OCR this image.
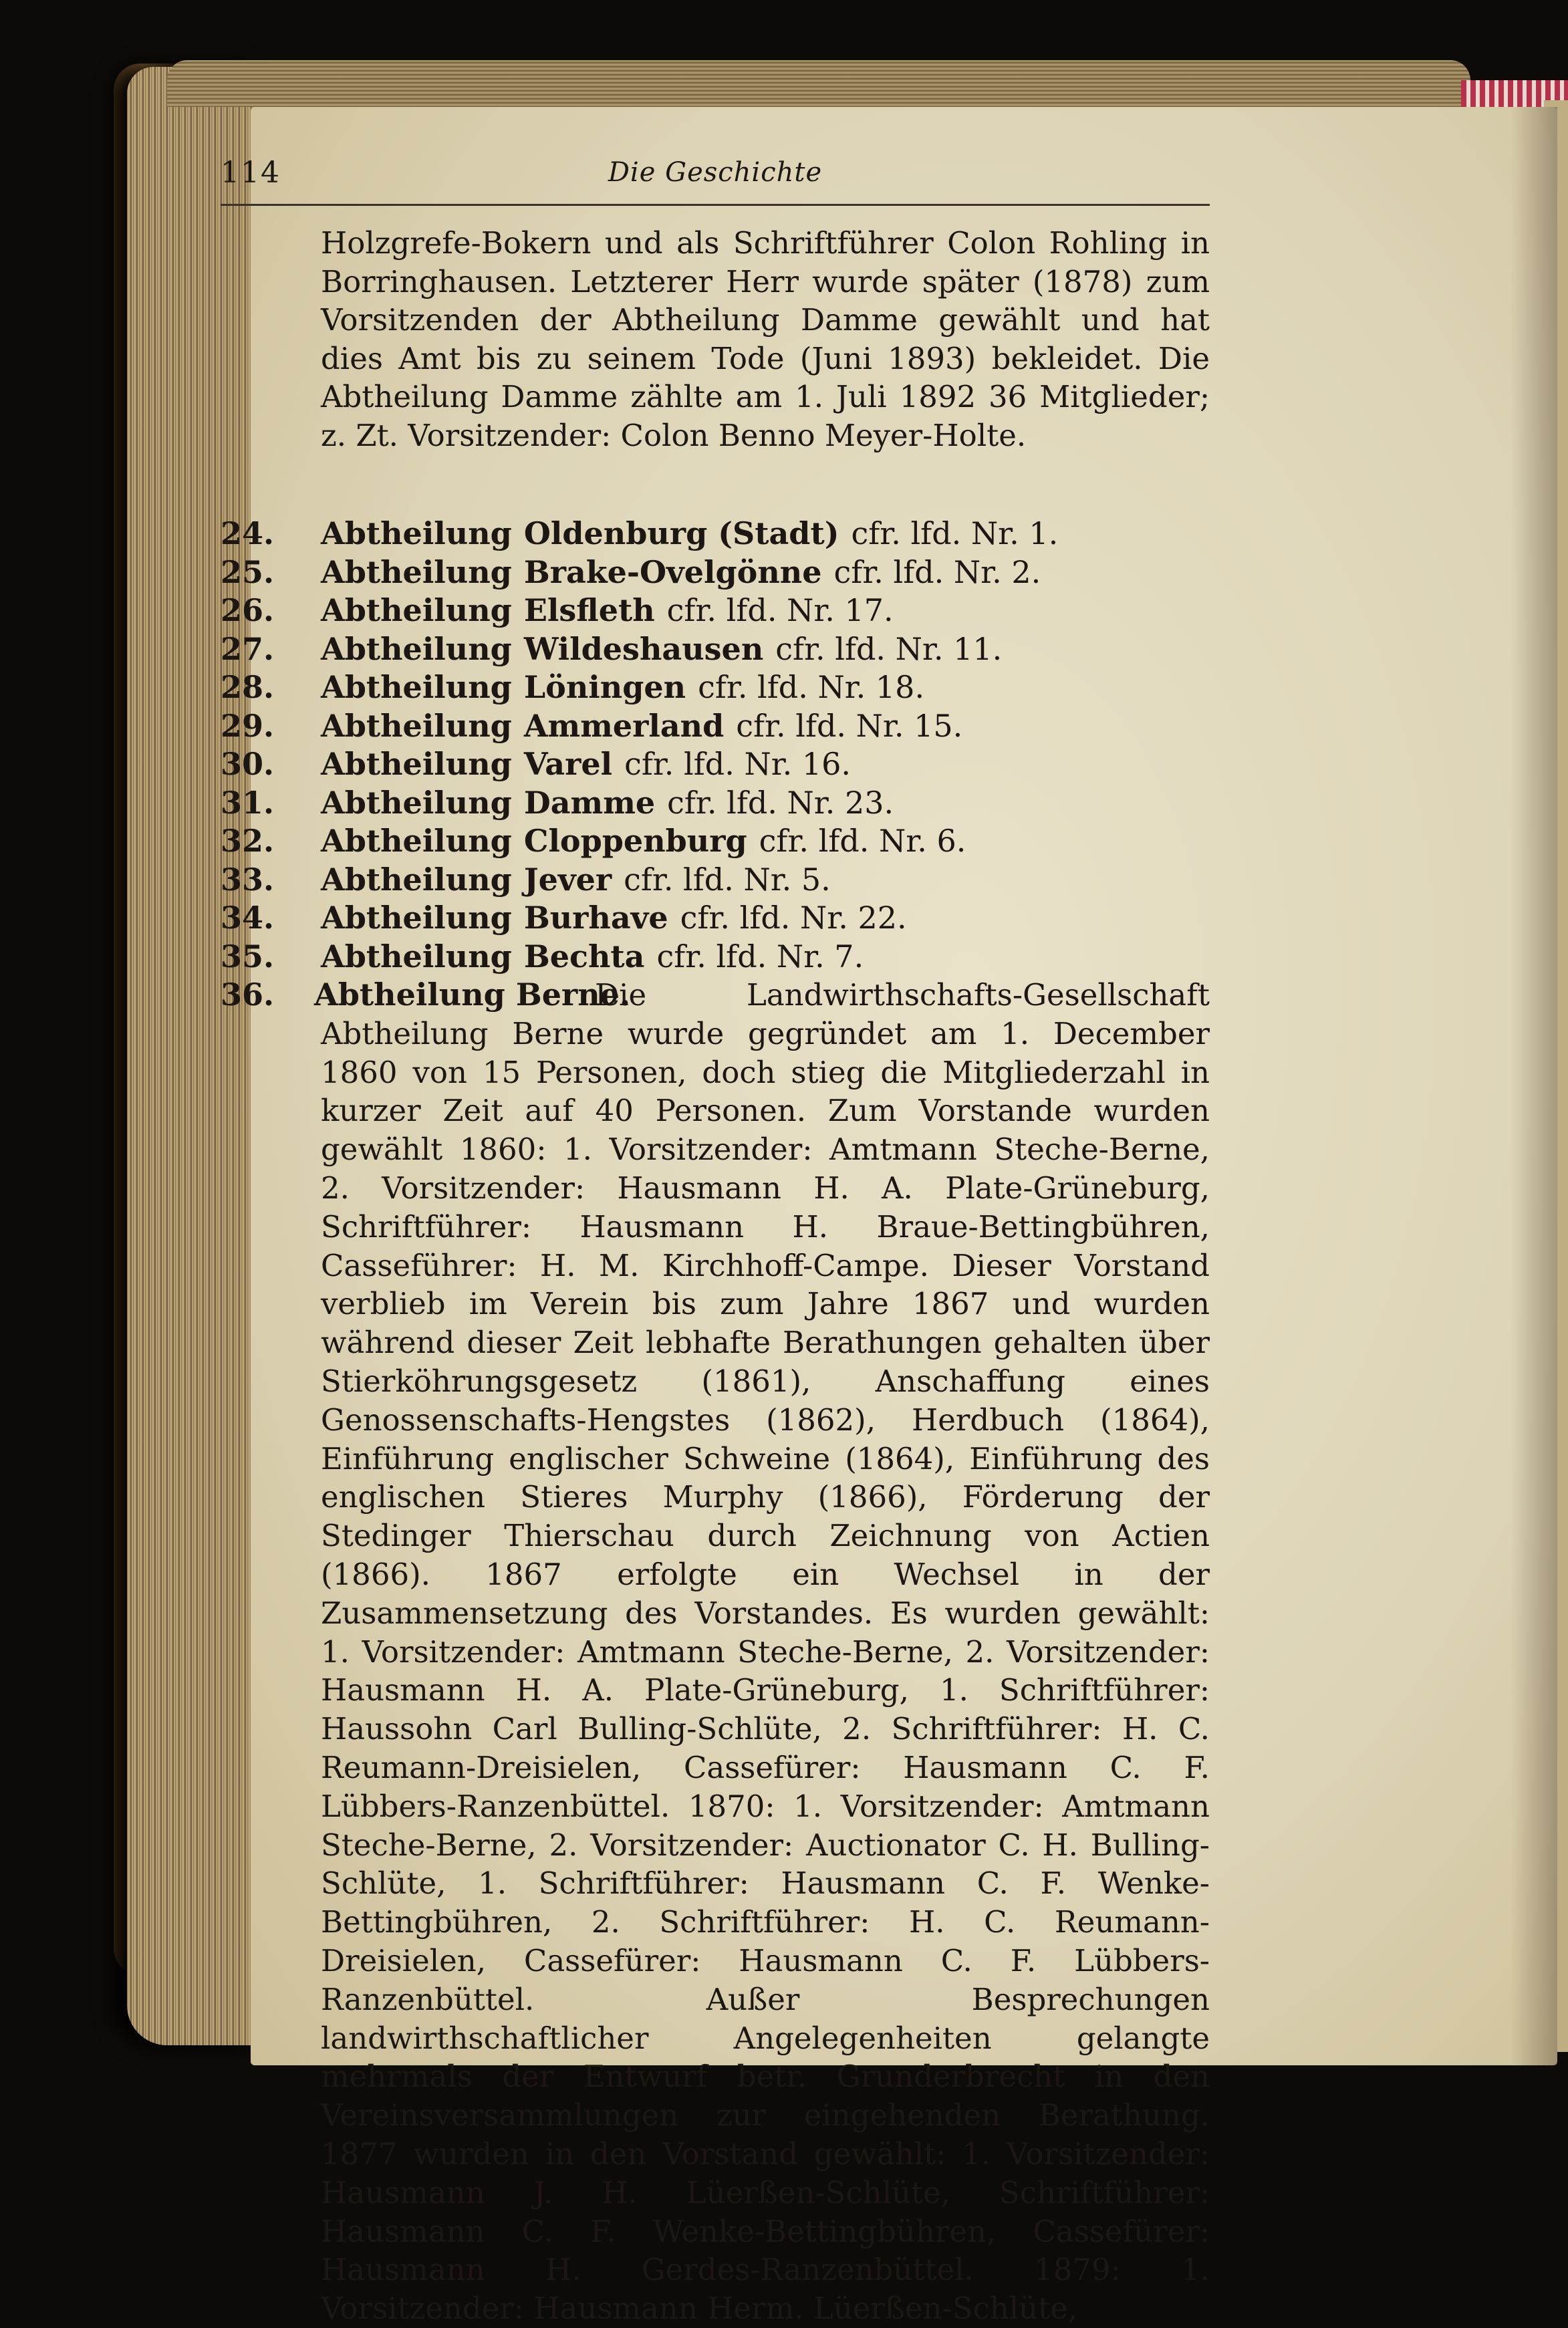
114	Die Geschichte
Holzgrefe-Bokern und als Schriftführer Colon Rohling in Borringhausen. Letzterer Herr wurde später (1878) zum Vorsitzenden der Abtheilung Damme gewählt und hat dies Amt bis zu seinem Tode (Juni 1893) bekleidet. Die Abtheilung Damme zählte am 1. Juli 1892 36 Mitglieder; z. Zt. Vorsitzender: Colon Benno Meyer-Holte.
24.	Abtheilung Oldenburg (Stadt) cfr. lfd. Nr. 1.
25.	Abtheilung Brake-Ovelgönne cfr. lfd. Nr. 2.
26.	Abtheilung Elsfleth cfr. lfd. Nr. 17.
27.	Abtheilung Wildeshausen cfr. lfd. Nr. 11.
28.	Abtheilung Löningen cfr. lfd. Nr. 18.
29.	Abtheilung Ammerland cfr. lfd. Nr. 15.
30.	Abtheilung Varel cfr. lfd. Nr. 16.
31.	Abtheilung Damme cfr. lfd. Nr. 23.
32.	Abtheilung Cloppenburg cfr. lfd. Nr. 6.
33.	Abtheilung Jever cfr. lfd. Nr. 5.
34.	Abtheilung Burhave cfr. lfd. Nr. 22.
35.	Abtheilung Bechta cfr. lfd. Nr. 7.
36. Abtheilung Berne.
Die Landwirthschafts-Gesellschaft Abtheilung Berne wurde gegründet am 1. December 1860 von 15 Personen, doch stieg die Mitgliederzahl in kurzer Zeit auf 40 Personen. Zum Vorstande wurden gewählt 1860: 1. Vorsitzender: Amtmann Steche-Berne, 2. Vorsitzender: Hausmann H. A. Plate-Grüneburg, Schriftführer: Hausmann H. Braue-Bettingbühren, Casseführer: H. M. Kirchhoff-Campe. Dieser Vorstand verblieb im Verein bis zum Jahre 1867 und wurden während dieser Zeit lebhafte Berathungen gehalten über Stierköhrungsgesetz (1861), Anschaffung eines Genossenschafts-Hengstes (1862), Herdbuch (1864), Einführung englischer Schweine (1864), Einführung des englischen Stieres Murphy (1866), Förderung der Stedinger Thierschau durch Zeichnung von Actien (1866). 1867 erfolgte ein Wechsel in der Zusammensetzung des Vorstandes. Es wurden gewählt: 1. Vorsitzender: Amtmann Steche-Berne, 2. Vorsitzender: Hausmann H. A. Plate-Grüneburg, 1. Schriftführer: Haussohn Carl Bulling-Schlüte, 2. Schriftführer: H. C. Reumann-Dreisielen, Cassefürer: Hausmann C. F. Lübbers-Ranzenbüttel. 1870: 1. Vorsitzender: Amtmann Steche-Berne, 2. Vorsitzender: Auctionator C. H. Bulling-Schlüte, 1. Schriftführer: Hausmann C. F. Wenke-Bettingbühren, 2. Schriftführer: H. C. Reumann-Dreisielen, Cassefürer: Hausmann C. F. Lübbers-Ranzenbüttel. Außer Besprechungen landwirthschaftlicher Angelegenheiten gelangte mehrmals der Entwurf betr. Grunderbrecht in den Vereinsversammlungen zur eingehenden Berathung. 1877 wurden in den Vorstand gewählt: 1. Vorsitzender: Hausmann J. H. Lüerßen-Schlüte, Schriftführer: Hausmann C. F. Wenke-Bettingbühren, Cassefürer: Hausmann H. Gerdes-Ranzenbüttel. 1879: 1. Vorsitzender: Hausmann Herm. Lüerßen-Schlüte,
